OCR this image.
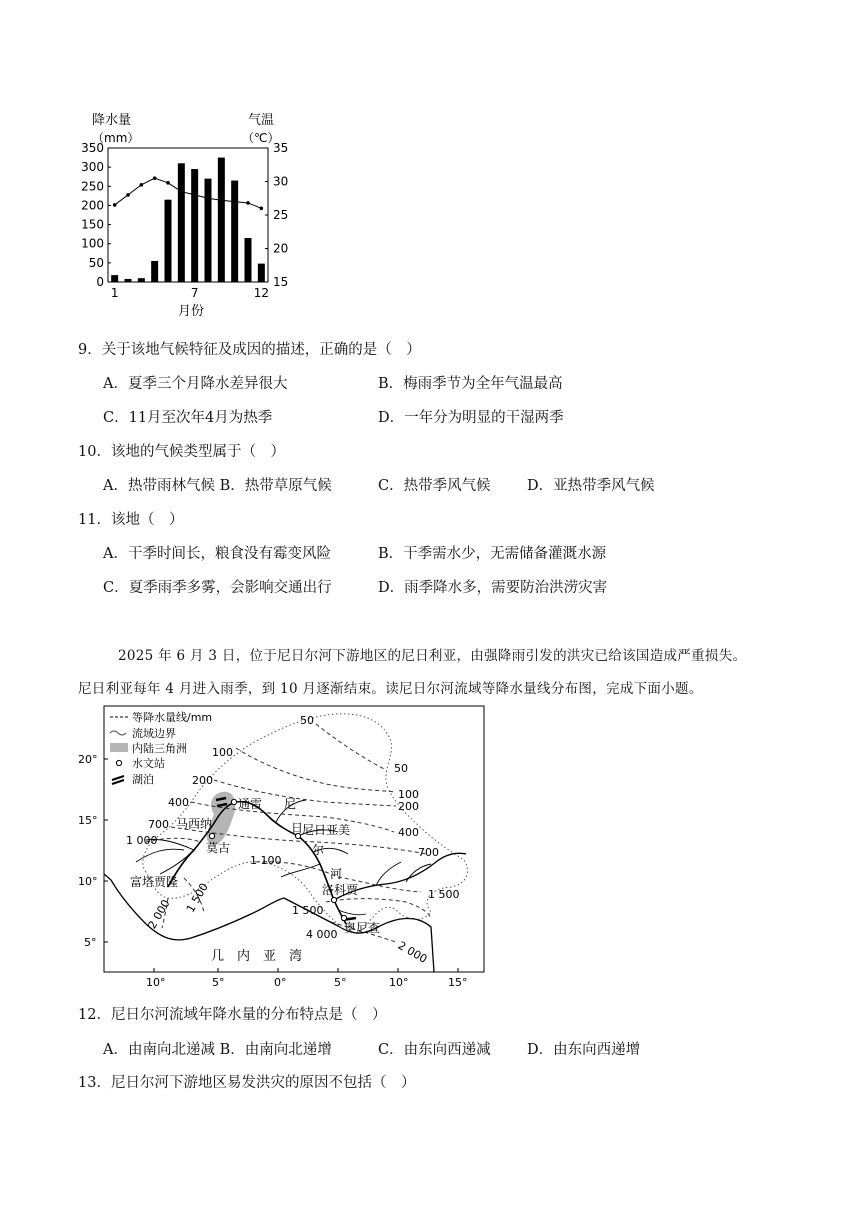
降水量
（mm）
气温
（℃）
0
50
100
150
200
250
300
350
15
20
25
30
35
1	7	12
月份
9．关于该地气候特征及成因的描述，正确的是（　）
A．夏季三个月降水差异很大	B．梅雨季节为全年气温最高
C．11月至次年4月为热季	D．一年分为明显的干湿两季
10．该地的气候类型属于（　）
A．热带雨林气候 B．热带草原气候	C．热带季风气候	D．亚热带季风气候
11．该地（　）
A．干季时间长，粮食没有霉变风险	B．干季需水少，无需储备灌溉水源
C．夏季雨季多雾，会影响交通出行	D．雨季降水多，需要防治洪涝灾害
2025 年 6 月 3 日，位于尼日尔河下游地区的尼日利亚，由强降雨引发的洪灾已给该国造成严重损失。
尼日利亚每年 4 月进入雨季，到 10 月逐渐结束。读尼日尔河流域等降水量线分布图，完成下面小题。
等降水量线/mm
流域边界
内陆三角洲
水文站
湖泊
通雷
马西纳
莫古
尼日亚美
富塔贾隆
洛科贾
奥尼查
尼
日
尔
河
几　内　亚　湾
50
50
100
100
200
200
400
400
700
700
1 000
1 100
1 500	1 500
1 500
2 000
2 000
4 000
20°
15°
10°
5°
10°	5°	0°	5°	10°	15°
12．尼日尔河流域年降水量的分布特点是（　）
A．由南向北递减 B．由南向北递增	C．由东向西递减	D．由东向西递增
13．尼日尔河下游地区易发洪灾的原因不包括（　）
